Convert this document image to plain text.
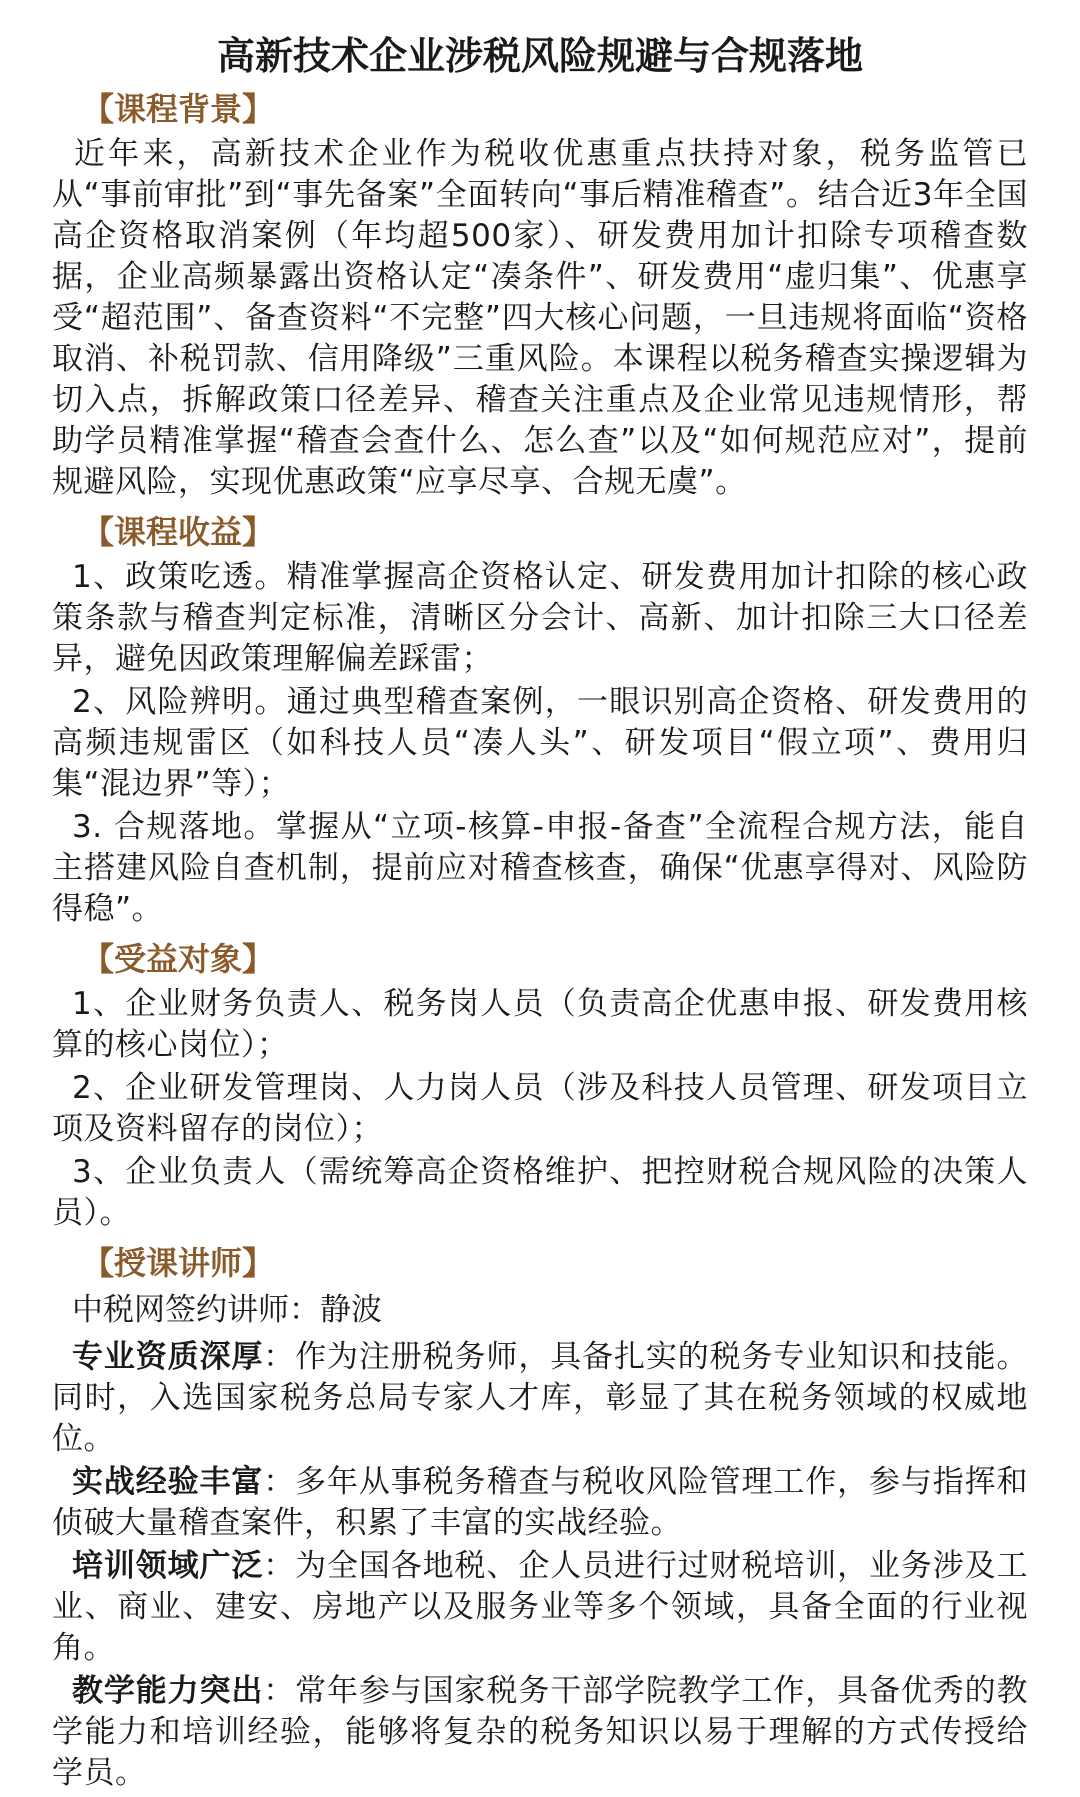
高新技术企业涉税风险规避与合规落地
【课程背景】

近年来，高新技术企业作为税收优惠重点扶持对象，税务监管已从“事前审批”到“事先备案”全面转向“事后精准稽查”。结合近3年全国高企资格取消案例（年均超500家）、研发费用加计扣除专项稽查数据，企业高频暴露出资格认定“凑条件”、研发费用“虚归集”、优惠享受“超范围”、备查资料“不完整”四大核心问题，一旦违规将面临“资格取消、补税罚款、信用降级”三重风险。本课程以税务稽查实操逻辑为切入点，拆解政策口径差异、稽查关注重点及企业常见违规情形，帮助学员精准掌握“稽查会查什么、怎么查”以及“如何规范应对”，提前规避风险，实现优惠政策“应享尽享、合规无虞”。

【课程收益】

1、政策吃透。精准掌握高企资格认定、研发费用加计扣除的核心政策条款与稽查判定标准，清晰区分会计、高新、加计扣除三大口径差异，避免因政策理解偏差踩雷；

2、风险辨明。通过典型稽查案例，一眼识别高企资格、研发费用的高频违规雷区（如科技人员“凑人头”、研发项目“假立项”、费用归集“混边界”等）；

3. 合规落地。掌握从“立项-核算-申报-备查”全流程合规方法，能自主搭建风险自查机制，提前应对稽查核查，确保“优惠享得对、风险防得稳”。

【受益对象】

1、企业财务负责人、税务岗人员（负责高企优惠申报、研发费用核算的核心岗位）；

2、企业研发管理岗、人力岗人员（涉及科技人员管理、研发项目立项及资料留存的岗位）；

3、企业负责人（需统筹高企资格维护、把控财税合规风险的决策人员）。

【授课讲师】
中税网签约讲师：静波

专业资质深厚：作为注册税务师，具备扎实的税务专业知识和技能。同时，入选国家税务总局专家人才库，彰显了其在税务领域的权威地位。

实战经验丰富：多年从事税务稽查与税收风险管理工作，参与指挥和侦破大量稽查案件，积累了丰富的实战经验。

培训领域广泛：为全国各地税、企人员进行过财税培训，业务涉及工业、商业、建安、房地产以及服务业等多个领域，具备全面的行业视角。

教学能力突出：常年参与国家税务干部学院教学工作，具备优秀的教学能力和培训经验，能够将复杂的税务知识以易于理解的方式传授给学员。
